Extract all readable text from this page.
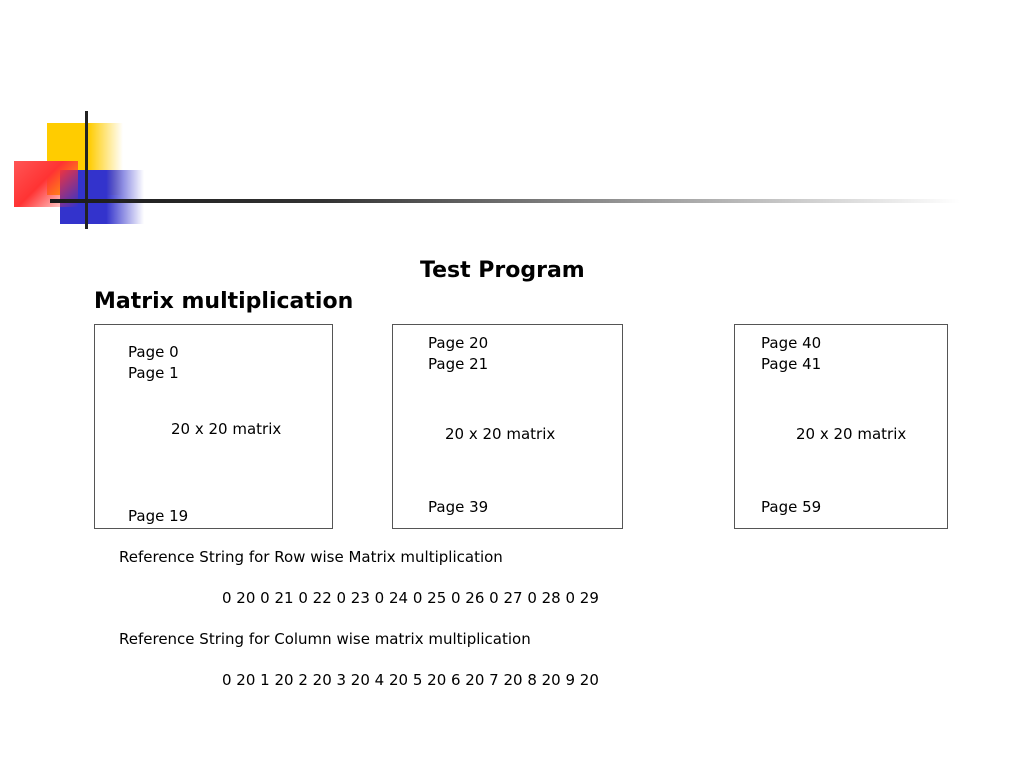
Test Program
Matrix multiplication
Page 0
Page 1
20 x 20 matrix
Page 19
Page 20
Page 21
20 x 20 matrix
Page 39
Page 40
Page 41
20 x 20 matrix
Page 59
Reference String for Row wise Matrix multiplication
0 20 0 21 0 22 0 23 0 24 0 25 0 26 0 27 0 28 0 29
Reference String for Column wise matrix multiplication
0 20 1 20 2 20 3 20 4 20 5 20 6 20 7 20 8 20 9 20
